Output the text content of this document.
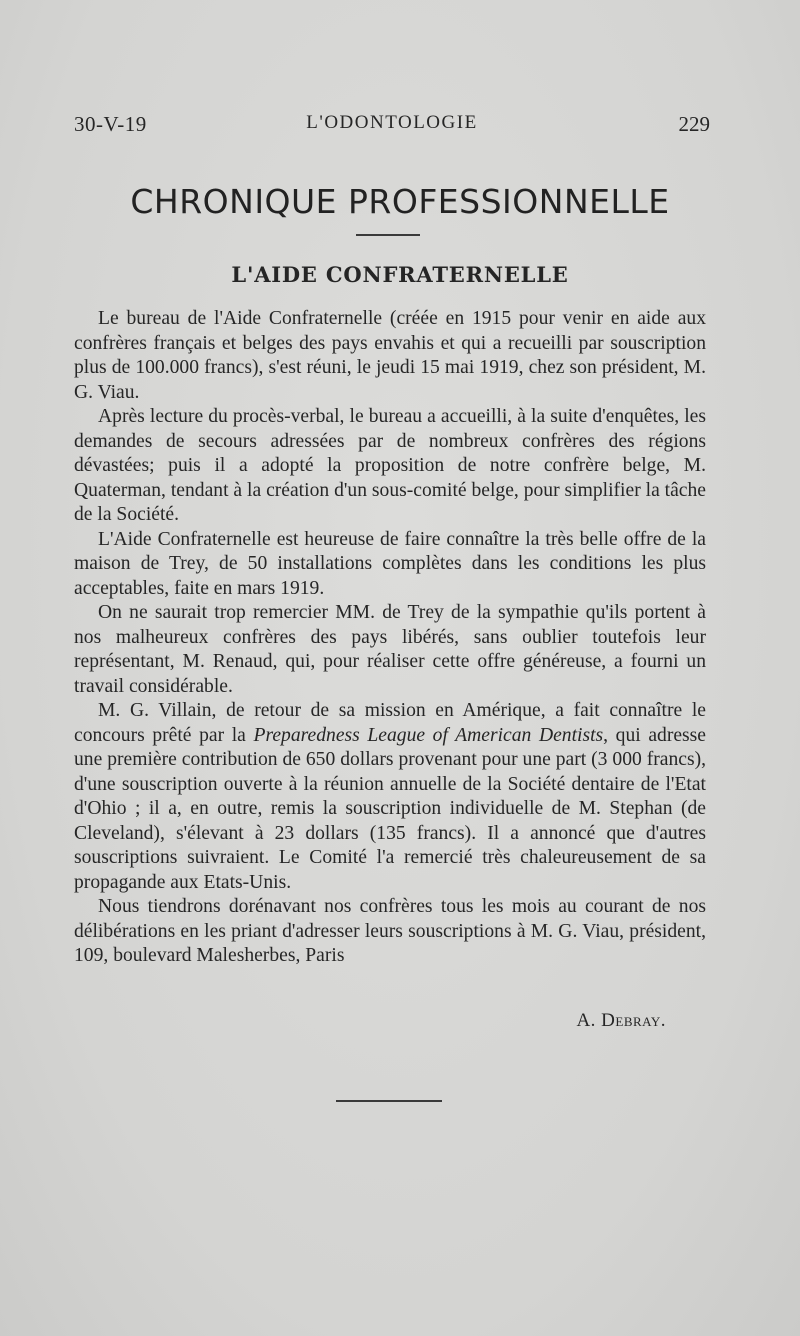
30-V-19	L'ODONTOLOGIE	229
CHRONIQUE PROFESSIONNELLE
L'AIDE CONFRATERNELLE

Le bureau de l'Aide Confraternelle (créée en 1915 pour venir en aide aux confrères français et belges des pays envahis et qui a recueilli par souscription plus de 100.000 francs), s'est réuni, le jeudi 15 mai 1919, chez son président, M. G. Viau.

Après lecture du procès-verbal, le bureau a accueilli, à la suite d'enquêtes, les demandes de secours adressées par de nombreux confrères des régions dévastées; puis il a adopté la proposition de notre confrère belge, M. Quaterman, tendant à la création d'un sous-comité belge, pour simplifier la tâche de la Société.

L'Aide Confraternelle est heureuse de faire connaître la très belle offre de la maison de Trey, de 50 installations complètes dans les conditions les plus acceptables, faite en mars 1919.

On ne saurait trop remercier MM. de Trey de la sympathie qu'ils portent à nos malheureux confrères des pays libérés, sans oublier toutefois leur représentant, M. Renaud, qui, pour réaliser cette offre généreuse, a fourni un travail considérable.

M. G. Villain, de retour de sa mission en Amérique, a fait connaître le concours prêté par la Preparedness League of American Dentists, qui adresse une première contribution de 650 dollars provenant pour une part (3 000 francs), d'une souscription ouverte à la réunion annuelle de la Société dentaire de l'Etat d'Ohio ; il a, en outre, remis la souscription individuelle de M. Stephan (de Cleveland), s'élevant à 23 dollars (135 francs). Il a annoncé que d'autres souscriptions suivraient. Le Comité l'a remercié très chaleureusement de sa propagande aux Etats-Unis.

Nous tiendrons dorénavant nos confrères tous les mois au courant de nos délibérations en les priant d'adresser leurs souscriptions à M. G. Viau, président, 109, boulevard Malesherbes, Paris

A. Debray.
